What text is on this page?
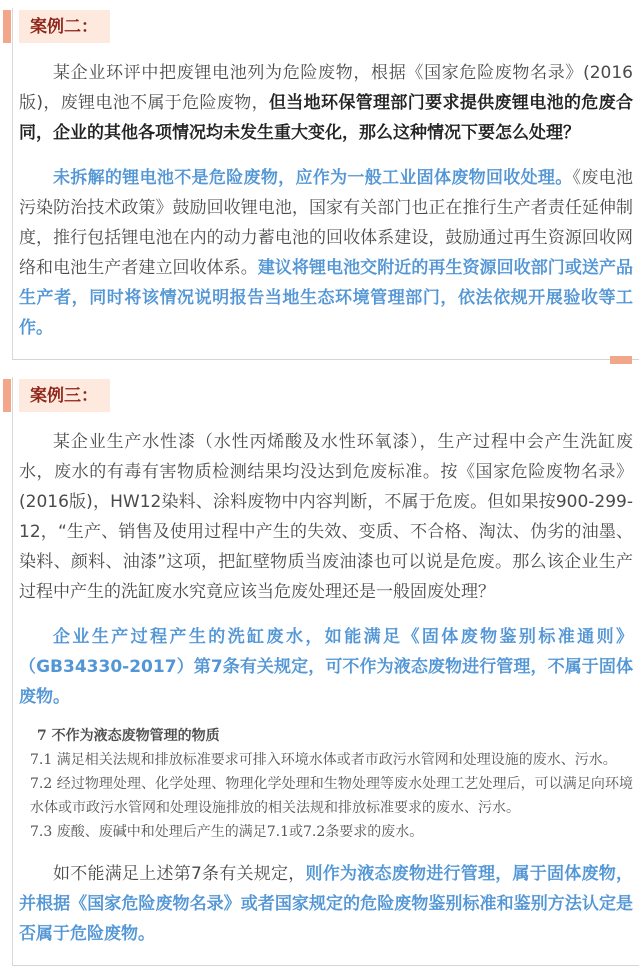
案例二：

某企业环评中把废锂电池列为危险废物，根据《国家危险废物名录》(2016版)，废锂电池不属于危险废物，但当地环保管理部门要求提供废锂电池的危废合同，企业的其他各项情况均未发生重大变化，那么这种情况下要怎么处理？

未拆解的锂电池不是危险废物，应作为一般工业固体废物回收处理。《废电池污染防治技术政策》鼓励回收锂电池，国家有关部门也正在推行生产者责任延伸制度，推行包括锂电池在内的动力蓄电池的回收体系建设，鼓励通过再生资源回收网络和电池生产者建立回收体系。建议将锂电池交附近的再生资源回收部门或送产品生产者，同时将该情况说明报告当地生态环境管理部门，依法依规开展验收等工作。

案例三：

某企业生产水性漆（水性丙烯酸及水性环氧漆），生产过程中会产生洗缸废水，废水的有毒有害物质检测结果均没达到危废标准。按《国家危险废物名录》(2016版)，HW12染料、涂料废物中内容判断，不属于危废。但如果按900-299-12，“生产、销售及使用过程中产生的失效、变质、不合格、淘汰、伪劣的油墨、染料、颜料、油漆”这项，把缸壁物质当废油漆也可以说是危废。那么该企业生产过程中产生的洗缸废水究竟应该当危废处理还是一般固废处理？

企业生产过程产生的洗缸废水，如能满足《固体废物鉴别标准通则》（GB34330-2017）第7条有关规定，可不作为液态废物进行管理，不属于固体废物。

7 不作为液态废物管理的物质

7.1 满足相关法规和排放标准要求可排入环境水体或者市政污水管网和处理设施的废水、污水。

7.2 经过物理处理、化学处理、物理化学处理和生物处理等废水处理工艺处理后，可以满足向环境水体或市政污水管网和处理设施排放的相关法规和排放标准要求的废水、污水。

7.3 废酸、废碱中和处理后产生的满足7.1或7.2条要求的废水。

如不能满足上述第7条有关规定，则作为液态废物进行管理，属于固体废物，并根据《国家危险废物名录》或者国家规定的危险废物鉴别标准和鉴别方法认定是否属于危险废物。
